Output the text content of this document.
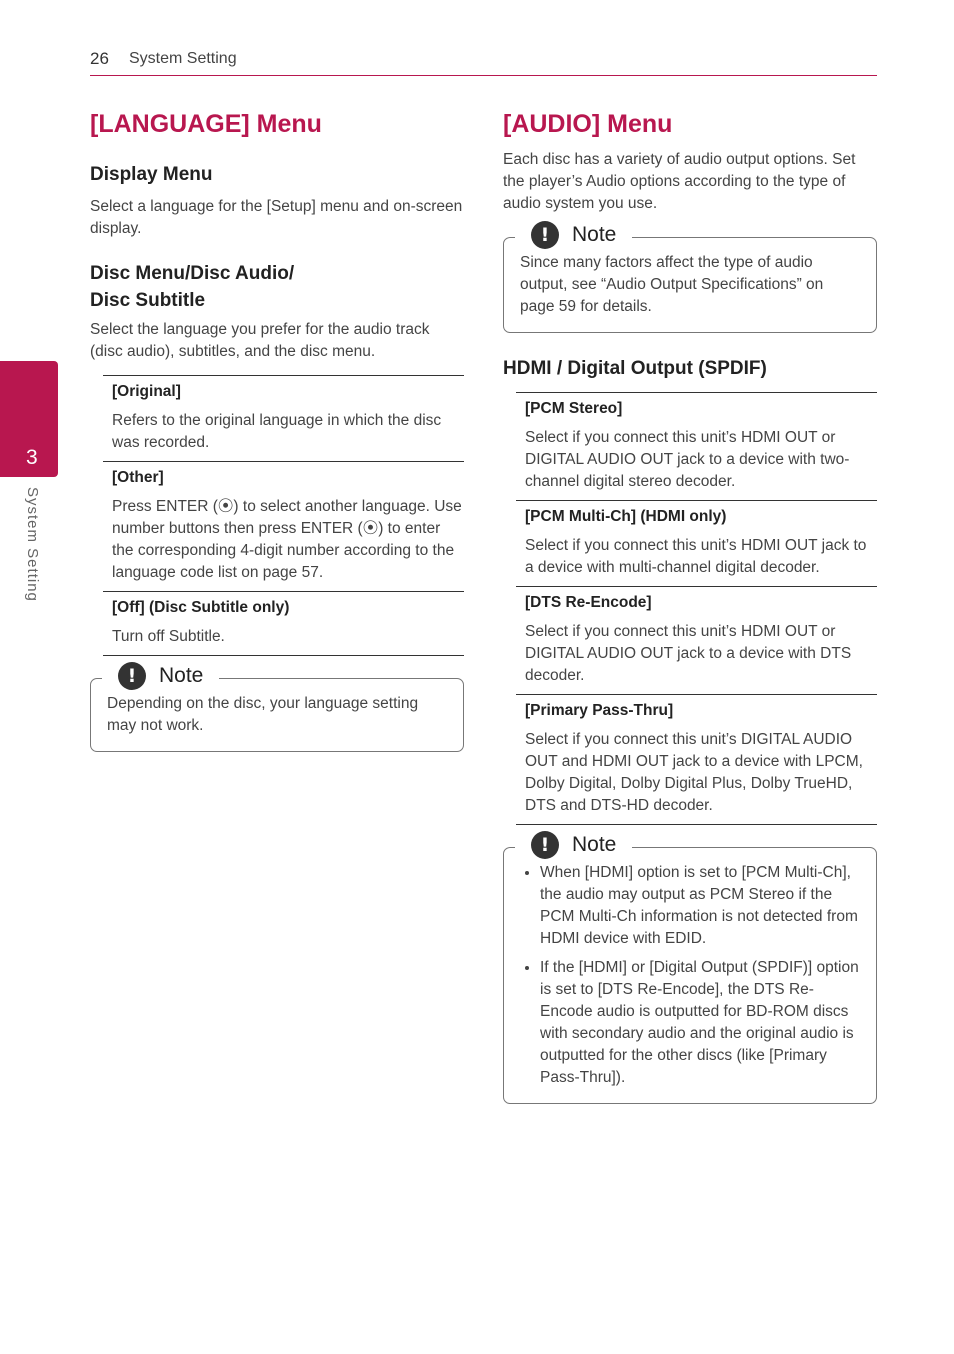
26 System Setting
3
System Setting
[LANGUAGE] Menu
Display Menu

Select a language for the [Setup] menu and on-screen display.

Disc Menu/Disc Audio/
Disc Subtitle

Select the language you prefer for the audio track (disc audio), subtitles, and the disc menu.

[Original]

Refers to the original language in which the disc was recorded.

[Other]

Press ENTER (⦿) to select another language. Use number buttons then press ENTER (⦿) to enter the corresponding 4-digit number according to the language code list on page 57.

[Off] (Disc Subtitle only)

Turn off Subtitle.

!	Note

Depending on the disc, your language setting may not work.

[AUDIO] Menu

Each disc has a variety of audio output options. Set the player’s Audio options according to the type of audio system you use.

!	Note

Since many factors affect the type of audio output, see “Audio Output Specifications” on page 59 for details.

HDMI / Digital Output (SPDIF)
[PCM Stereo]

Select if you connect this unit’s HDMI OUT or DIGITAL AUDIO OUT jack to a device with two-channel digital stereo decoder.

[PCM Multi-Ch] (HDMI only)

Select if you connect this unit’s HDMI OUT jack to a device with multi-channel digital decoder.

[DTS Re-Encode]

Select if you connect this unit’s HDMI OUT or DIGITAL AUDIO OUT jack to a device with DTS decoder.

[Primary Pass-Thru]

Select if you connect this unit’s DIGITAL AUDIO OUT and HDMI OUT jack to a device with LPCM, Dolby Digital, Dolby Digital Plus, Dolby TrueHD, DTS and DTS-HD decoder.

!	Note
• When [HDMI] option is set to [PCM Multi-Ch], the audio may output as PCM Stereo if the PCM Multi-Ch information is not detected from HDMI device with EDID.
• If the [HDMI] or [Digital Output (SPDIF)] option is set to [DTS Re-Encode], the DTS Re-Encode audio is outputted for BD-ROM discs with secondary audio and the original audio is outputted for the other discs (like [Primary Pass-Thru]).
